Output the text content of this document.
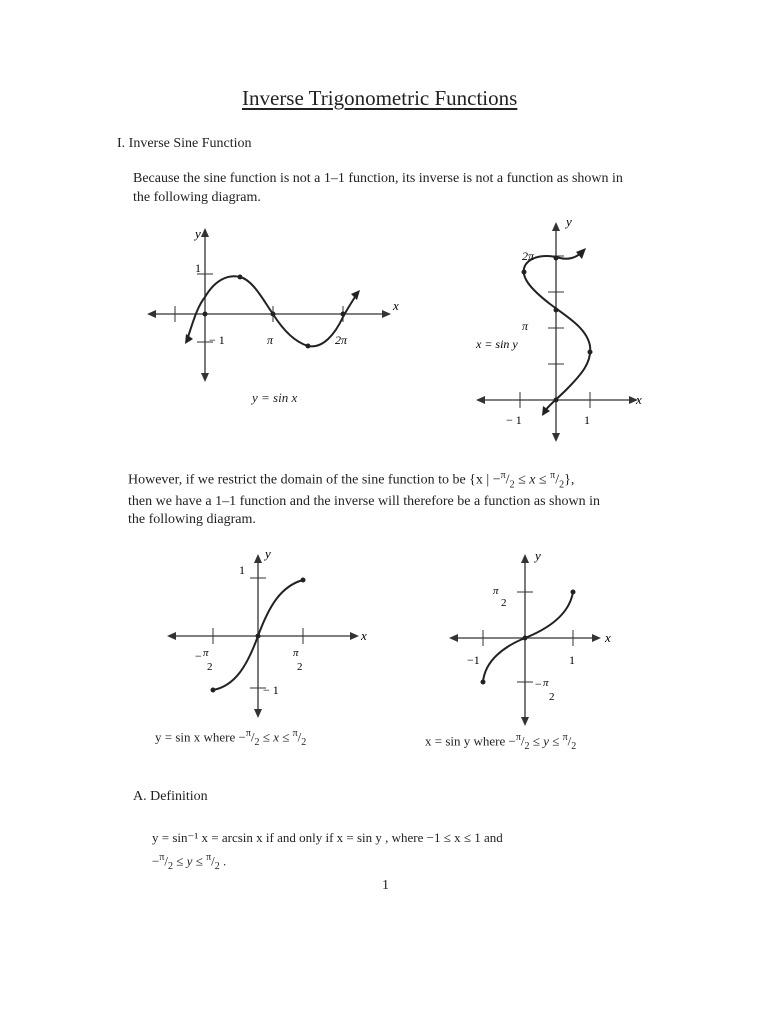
Inverse Trigonometric Functions
I. Inverse Sine Function
Because the sine function is not a 1–1 function, its inverse is not a function as shown in
the following diagram.
x
y
1
− 1	π	2π
y = sin x	x
y
2π
π
x = sin y
− 1	1
However, if we restrict the domain of the sine function to be {x | $-^\pi/_2 \le x \le ^\pi/_2$},
then we have a 1–1 function and the inverse will therefore be a function as shown in
the following diagram.
x
y
1
− 1
− π
2
π
2
y = sin x where $-^\pi/_2 \le x \le ^\pi/_2$
x
y
π
2
− π
2
−1	1
x = sin y where $-^\pi/_2 \le y \le ^\pi/_2$
A. Definition
y = sin⁻¹ x = arcsin x if and only if x = sin y , where −1 ≤ x ≤ 1 and
$-^\pi/_2 \le y \le ^\pi/_2$ .
1
